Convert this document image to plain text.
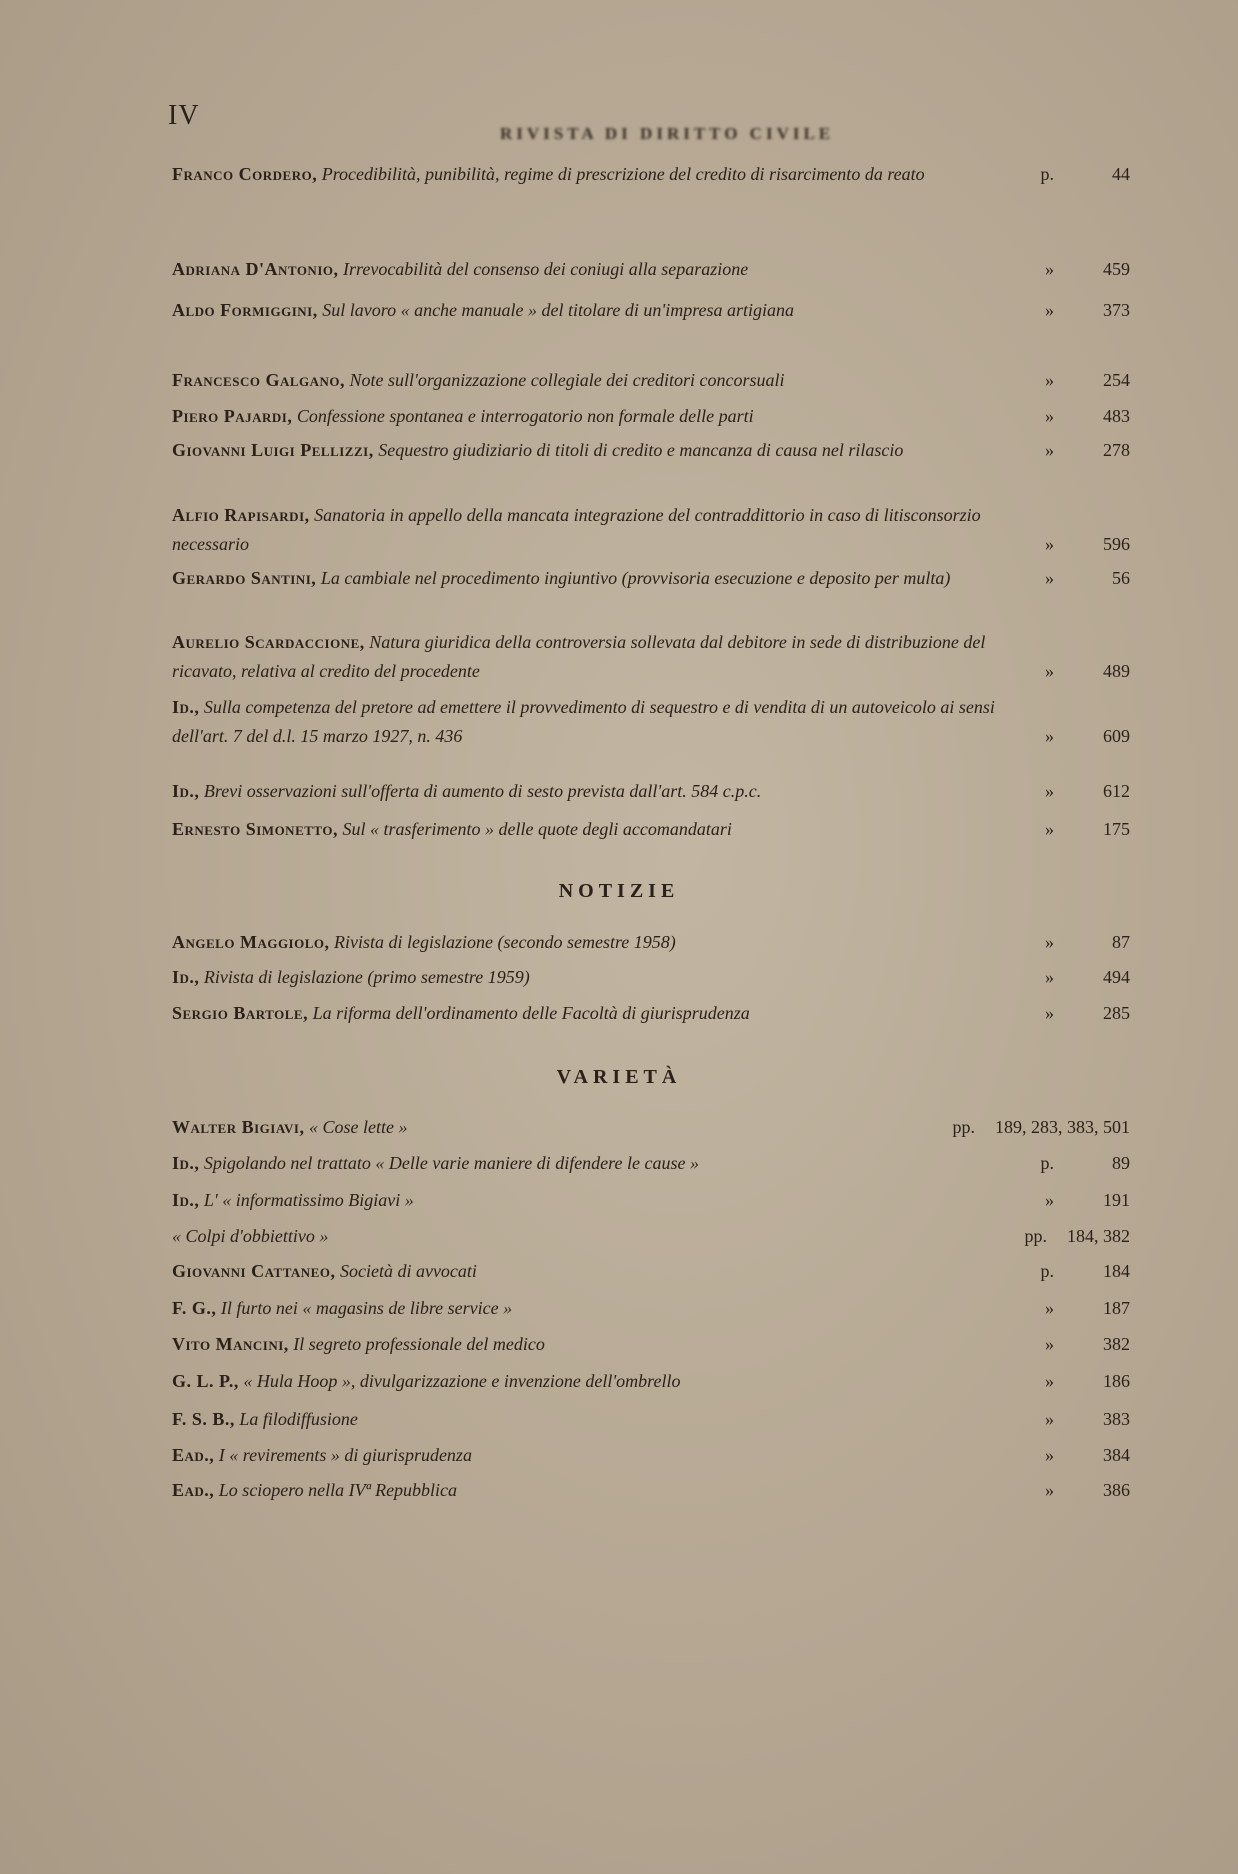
IV
RIVISTA DI DIRITTO CIVILE
Franco Cordero, Procedibilità, punibilità, regime di prescrizione del credito di risarcimento da reato	p.	44
Adriana D'Antonio, Irrevocabilità del consenso dei coniugi alla separazione	»	459
Aldo Formiggini, Sul lavoro « anche manuale » del titolare di un'impresa artigiana	»	373
Francesco Galgano, Note sull'organizzazione collegiale dei creditori concorsuali	»	254
Piero Pajardi, Confessione spontanea e interrogatorio non formale delle parti	»	483
Giovanni Luigi Pellizzi, Sequestro giudiziario di titoli di credito e mancanza di causa nel rilascio	»	278
Alfio Rapisardi, Sanatoria in appello della mancata integrazione del contraddittorio in caso di litisconsorzio necessario	»	596
Gerardo Santini, La cambiale nel procedimento ingiuntivo (provvisoria esecuzione e deposito per multa)	»	56
Aurelio Scardaccione, Natura giuridica della controversia sollevata dal debitore in sede di distribuzione del ricavato, relativa al credito del procedente	»	489
Id., Sulla competenza del pretore ad emettere il provvedimento di sequestro e di vendita di un autoveicolo ai sensi dell'art. 7 del d.l. 15 marzo 1927, n. 436	»	609
Id., Brevi osservazioni sull'offerta di aumento di sesto prevista dall'art. 584 c.p.c.	»	612
Ernesto Simonetto, Sul « trasferimento » delle quote degli accomandatari	»	175
NOTIZIE
Angelo Maggiolo, Rivista di legislazione (secondo semestre 1958)	»	87
Id., Rivista di legislazione (primo semestre 1959)	»	494
Sergio Bartole, La riforma dell'ordinamento delle Facoltà di giurisprudenza	»	285
VARIETÀ
Walter Bigiavi, « Cose lette »	pp. 189, 283, 383, 501
Id., Spigolando nel trattato « Delle varie maniere di difendere le cause »	p.	89
Id., L' « informatissimo Bigiavi »	»	191
« Colpi d'obbiettivo »	pp. 184, 382
Giovanni Cattaneo, Società di avvocati	p.	184
F. G., Il furto nei « magasins de libre service »	»	187
Vito Mancini, Il segreto professionale del medico	»	382
G. L. P., « Hula Hoop », divulgarizzazione e invenzione dell'ombrello	»	186
F. S. B., La filodiffusione	»	383
Ead., I « revirements » di giurisprudenza	»	384
Ead., Lo sciopero nella IVª Repubblica	»	386
